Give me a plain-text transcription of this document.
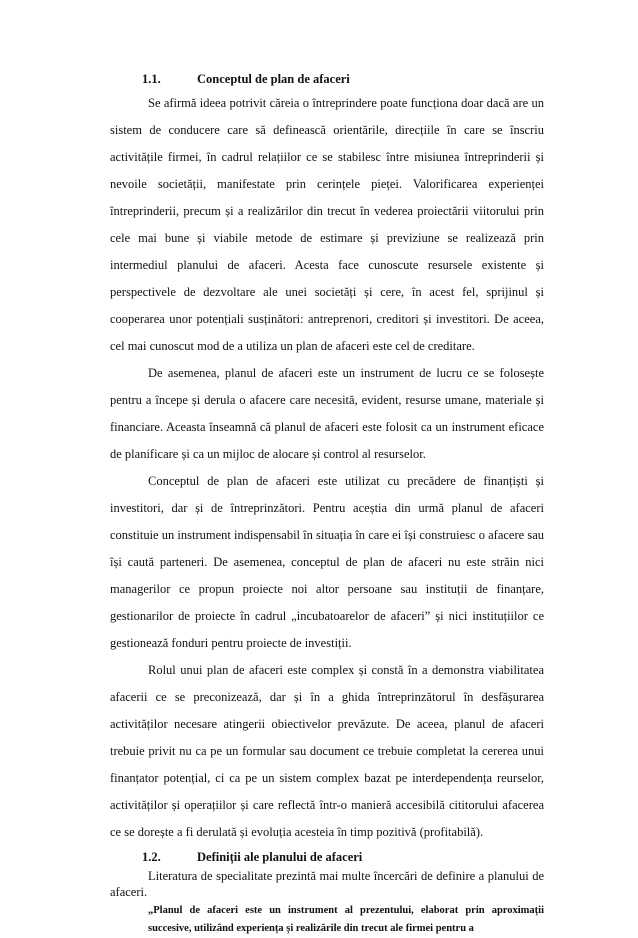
1.1.	Conceptul de plan de afaceri

Se afirmă ideea potrivit căreia o întreprindere poate funcționa doar dacă are un sistem de conducere care să definească orientările, direcțiile în care se înscriu activitățile firmei, în cadrul relațiilor ce se stabilesc între misiunea întreprinderii și nevoile societății, manifestate prin cerințele pieței. Valorificarea experienței întreprinderii, precum și a realizărilor din trecut în vederea proiectării viitorului prin cele mai bune și viabile metode de estimare și previziune se realizează prin intermediul planului de afaceri. Acesta face cunoscute resursele existente și perspectivele de dezvoltare ale unei societăți și cere, în acest fel, sprijinul și cooperarea unor potențiali susținători: antreprenori, creditori și investitori. De aceea, cel mai cunoscut mod de a utiliza un plan de afaceri este cel de creditare.

De asemenea, planul de afaceri este un instrument de lucru ce se folosește pentru a începe și derula o afacere care necesită, evident, resurse umane, materiale și financiare. Aceasta înseamnă că planul de afaceri este folosit ca un instrument eficace de planificare și ca un mijloc de alocare și control al resurselor.

Conceptul de plan de afaceri este utilizat cu precădere de finanțiști și investitori, dar și de întreprinzători. Pentru aceștia din urmă planul de afaceri constituie un instrument indispensabil în situația în care ei își construiesc o afacere sau își caută parteneri. De asemenea, conceptul de plan de afaceri nu este străin nici managerilor ce propun proiecte noi altor persoane sau instituții de finanțare, gestionarilor de proiecte în cadrul „incubatoarelor de afaceri” și nici instituțiilor ce gestionează fonduri pentru proiecte de investiții.

Rolul unui plan de afaceri este complex și constă în a demonstra viabilitatea afacerii ce se preconizează, dar și în a ghida întreprinzătorul în desfășurarea activităților necesare atingerii obiectivelor prevăzute. De aceea, planul de afaceri trebuie privit nu ca pe un formular sau document ce trebuie completat la cererea unui finanțator potențial, ci ca pe un sistem complex bazat pe interdependența reurselor, activităților și operațiilor și care reflectă într-o manieră accesibilă cititorului afacerea ce se dorește a fi derulată și evoluția acesteia în timp pozitivă (profitabilă).

1.2.	Definiții ale planului de afaceri

Literatura de specialitate prezintă mai multe încercări de definire a planului de afaceri.

„Planul de afaceri este un instrument al prezentului, elaborat prin aproximații succesive, utilizând experiența și realizările din trecut ale firmei pentru a
